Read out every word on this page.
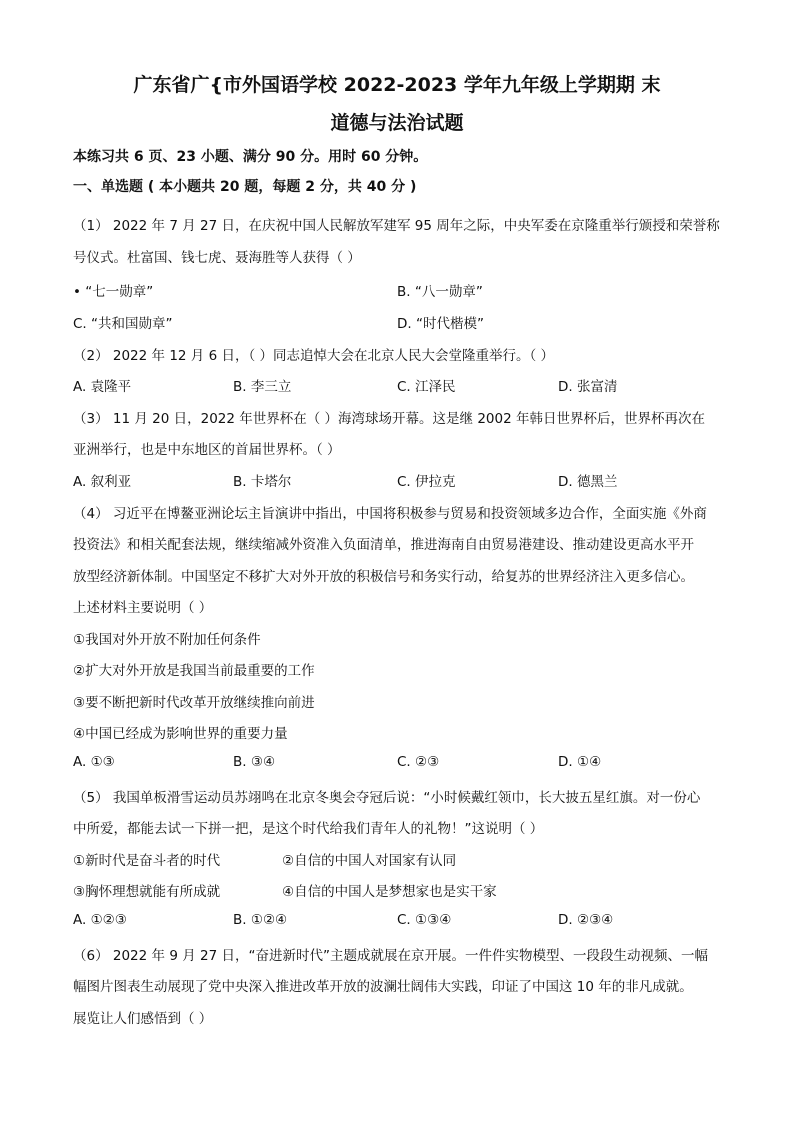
广东省广{市外国语学校 2022-2023 学年九年级上学期期 末
道德与法治试题
本练习共 6 页、23 小题、满分 90 分。用时 60 分钟。
一、单选题 ( 本小题共 20 题，每题 2 分，共 40 分 )
（1） 2022 年 7 月 27 日，在庆祝中国人民解放军建军 95 周年之际，中央军委在京隆重举行颁授和荣誉称
号仪式。杜富国、钱七虎、聂海胜等人获得（ ）
• “七一勋章”	B. “八一勋章”
C. “共和国勋章”	D. “时代楷模”
（2） 2022 年 12 月 6 日，（ ）同志追悼大会在北京人民大会堂隆重举行。（ ）
A. 袁隆平	B. 李三立	C. 江泽民	D. 张富清
（3） 11 月 20 日，2022 年世界杯在（ ）海湾球场开幕。这是继 2002 年韩日世界杯后，世界杯再次在
亚洲举行，也是中东地区的首届世界杯。（ ）
A. 叙利亚	B. 卡塔尔	C. 伊拉克	D. 德黑兰
（4） 习近平在博鳌亚洲论坛主旨演讲中指出，中国将积极参与贸易和投资领域多边合作，全面实施《外商
投资法》和相关配套法规，继续缩减外资准入负面清单，推进海南自由贸易港建设、推动建设更高水平开
放型经济新体制。中国坚定不移扩大对外开放的积极信号和务实行动，给复苏的世界经济注入更多信心。
上述材料主要说明（ ）
①我国对外开放不附加任何条件
②扩大对外开放是我国当前最重要的工作
③要不断把新时代改革开放继续推向前进
④中国已经成为影响世界的重要力量
A. ①③	B. ③④	C. ②③	D. ①④
（5） 我国单板滑雪运动员苏翊鸣在北京冬奥会夺冠后说：“小时候戴红领巾，长大披五星红旗。对一份心
中所爱，都能去试一下拼一把，是这个时代给我们青年人的礼物！”这说明（ ）
①新时代是奋斗者的时代	②自信的中国人对国家有认同
③胸怀理想就能有所成就	④自信的中国人是梦想家也是实干家
A. ①②③	B. ①②④	C. ①③④	D. ②③④
（6） 2022 年 9 月 27 日，“奋进新时代”主题成就展在京开展。一件件实物模型、一段段生动视频、一幅
幅图片图表生动展现了党中央深入推进改革开放的波澜壮阔伟大实践，印证了中国这 10 年的非凡成就。
展览让人们感悟到（ ）
